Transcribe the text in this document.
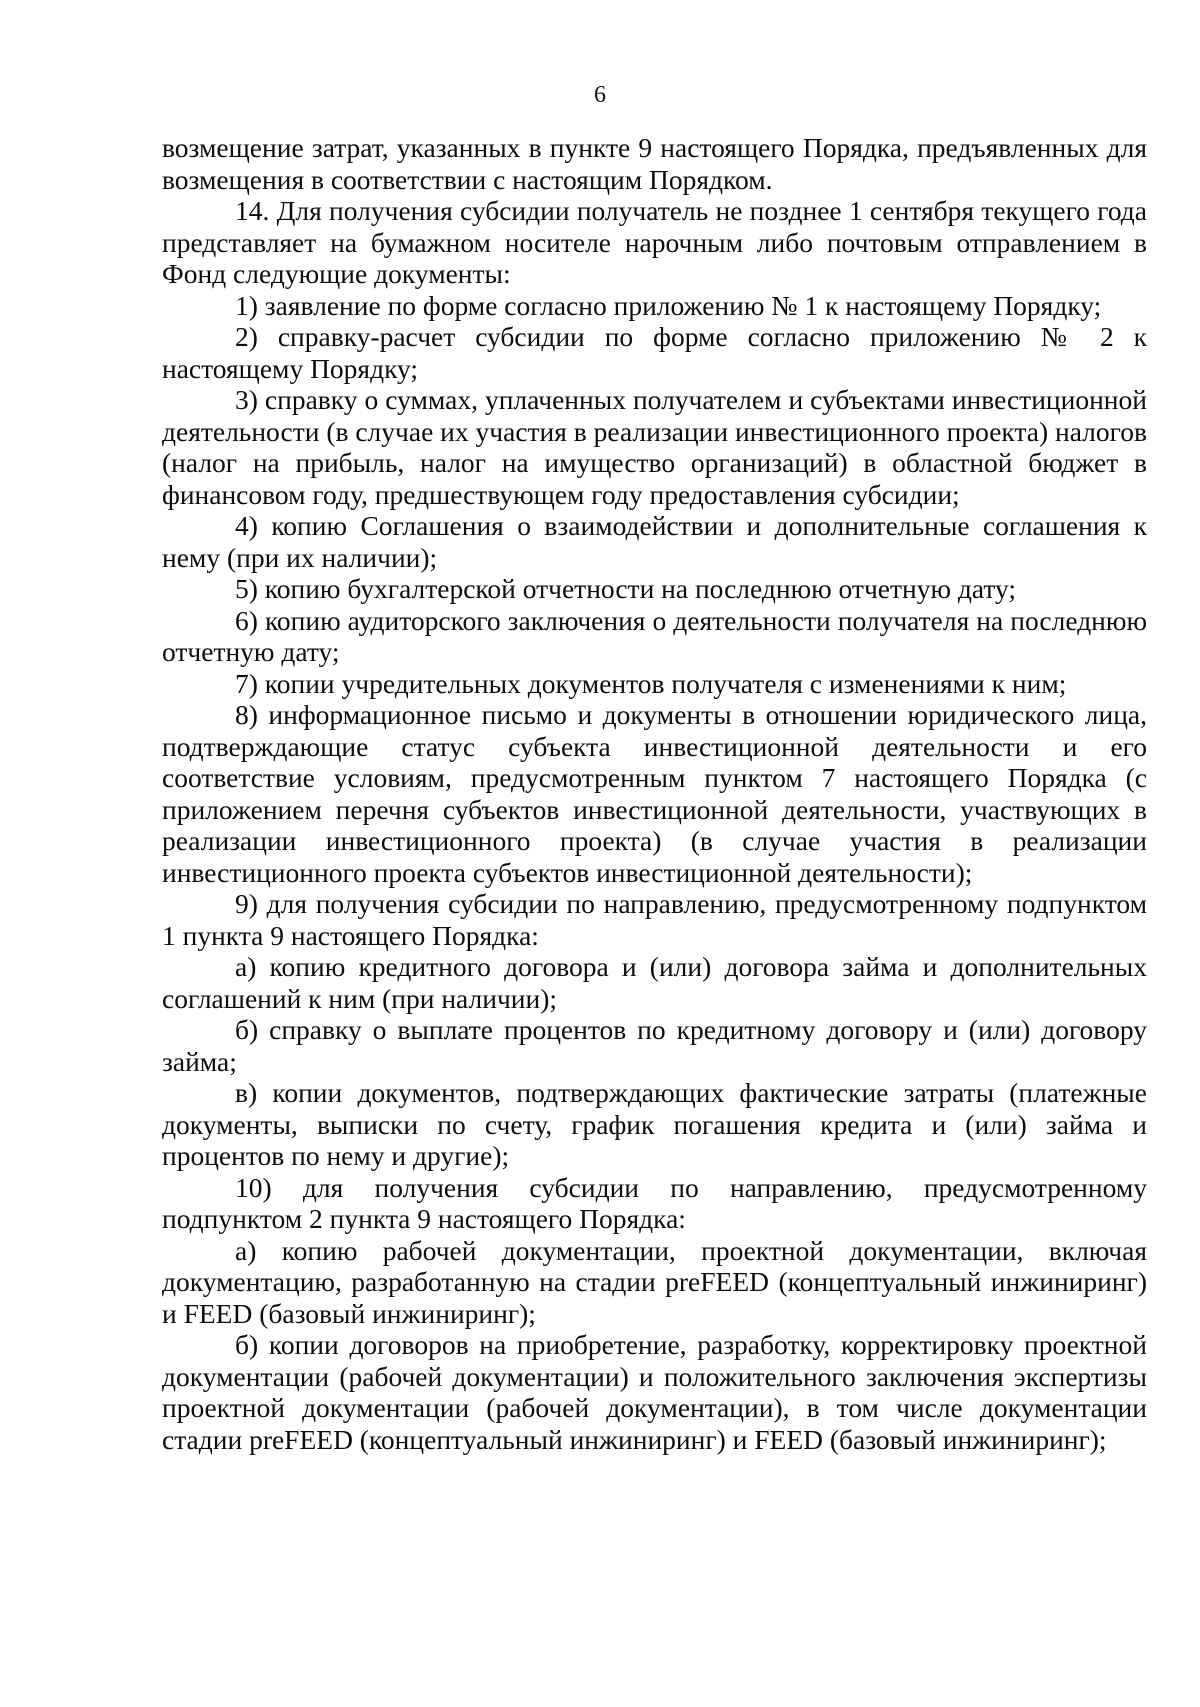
6

возмещение затрат, указанных в пункте 9 настоящего Порядка, предъявленных для возмещения в соответствии с настоящим Порядком.

14. Для получения субсидии получатель не позднее 1 сентября текущего года представляет на бумажном носителе нарочным либо почтовым отправлением в Фонд следующие документы:

1) заявление по форме согласно приложению № 1 к настоящему Порядку;

2) справку-расчет субсидии по форме согласно приложению № 2 к настоящему Порядку;

3) справку о суммах, уплаченных получателем и субъектами инвестиционной деятельности (в случае их участия в реализации инвестиционного проекта) налогов (налог на прибыль, налог на имущество организаций) в областной бюджет в финансовом году, предшествующем году предоставления субсидии;

4) копию Соглашения о взаимодействии и дополнительные соглашения к нему (при их наличии);

5) копию бухгалтерской отчетности на последнюю отчетную дату;

6) копию аудиторского заключения о деятельности получателя на последнюю отчетную дату;

7) копии учредительных документов получателя с изменениями к ним;

8) информационное письмо и документы в отношении юридического лица, подтверждающие статус субъекта инвестиционной деятельности и его соответствие условиям, предусмотренным пунктом 7 настоящего Порядка (с приложением перечня субъектов инвестиционной деятельности, участвующих в реализации инвестиционного проекта) (в случае участия в реализации инвестиционного проекта субъектов инвестиционной деятельности);

9) для получения субсидии по направлению, предусмотренному подпунктом 1 пункта 9 настоящего Порядка:

а) копию кредитного договора и (или) договора займа и дополнительных соглашений к ним (при наличии);

б) справку о выплате процентов по кредитному договору и (или) договору займа;

в) копии документов, подтверждающих фактические затраты (платежные документы, выписки по счету, график погашения кредита и (или) займа и процентов по нему и другие);

10) для получения субсидии по направлению, предусмотренному подпунктом 2 пункта 9 настоящего Порядка:

а) копию рабочей документации, проектной документации, включая документацию, разработанную на стадии preFEED (концептуальный инжиниринг) и FEED (базовый инжиниринг);

б) копии договоров на приобретение, разработку, корректировку проектной документации (рабочей документации) и положительного заключения экспертизы проектной документации (рабочей документации), в том числе документации стадии preFEED (концептуальный инжиниринг) и FEED (базовый инжиниринг);
